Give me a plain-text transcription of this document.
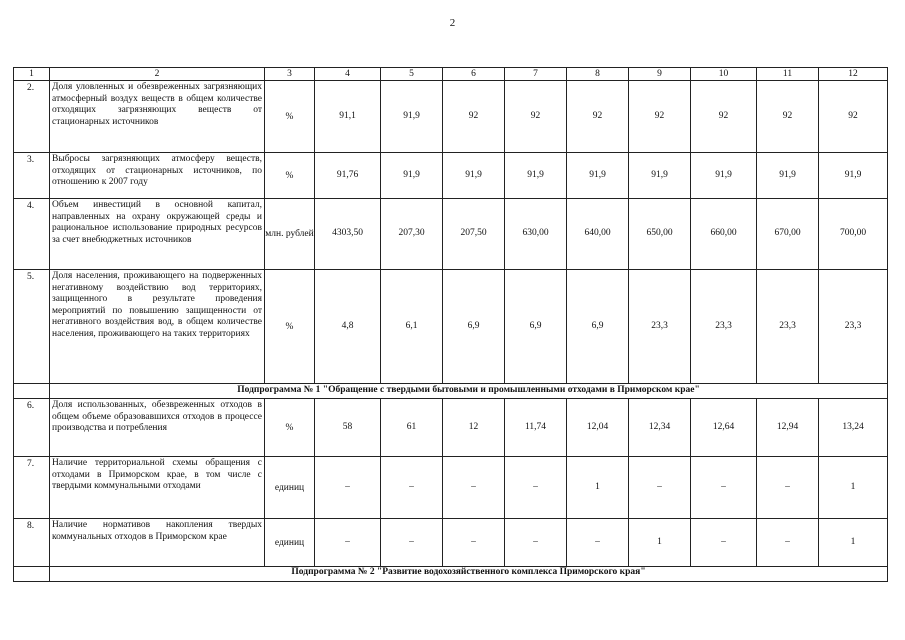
2
1	2	3	4	5	6	7	8	9	10	11	12
2.	Доля уловленных и обезвреженных загрязняющих атмосферный воздух веществ в общем количестве отходящих загрязняющих веществ от стационарных источников	%	91,1	91,9	92	92	92	92	92	92	92
3.	Выбросы загрязняющих атмосферу веществ, отходящих от стационарных источников, по отношению к 2007 году	%	91,76	91,9	91,9	91,9	91,9	91,9	91,9	91,9	91,9
4.	Объем инвестиций в основной капитал, направленных на охрану окружающей среды и рациональное использование природных ресурсов за счет внебюджетных источников	млн. рублей	4303,50	207,30	207,50	630,00	640,00	650,00	660,00	670,00	700,00
5.	Доля населения, проживающего на подверженных негативному воздействию вод территориях, защищенного в результате проведения мероприятий по повышению защищенности от негативного воздействия вод, в общем количестве населения, проживающего на таких территориях	%	4,8	6,1	6,9	6,9	6,9	23,3	23,3	23,3	23,3
	Подпрограмма № 1 "Обращение с твердыми бытовыми и промышленными отходами в Приморском крае"										
6.	Доля использованных, обезвреженных отходов в общем объеме образовавшихся отходов в процессе производства и потребления	%	58	61	12	11,74	12,04	12,34	12,64	12,94	13,24
7.	Наличие территориальной схемы обращения с отходами в Приморском крае, в том числе с твердыми коммунальными отходами	единиц	–	–	–	–	1	–	–	–	1
8.	Наличие нормативов накопления твердых коммунальных отходов в Приморском крае	единиц	–	–	–	–	–	1	–	–	1
	Подпрограмма № 2 "Развитие водохозяйственного комплекса Приморского края"										
